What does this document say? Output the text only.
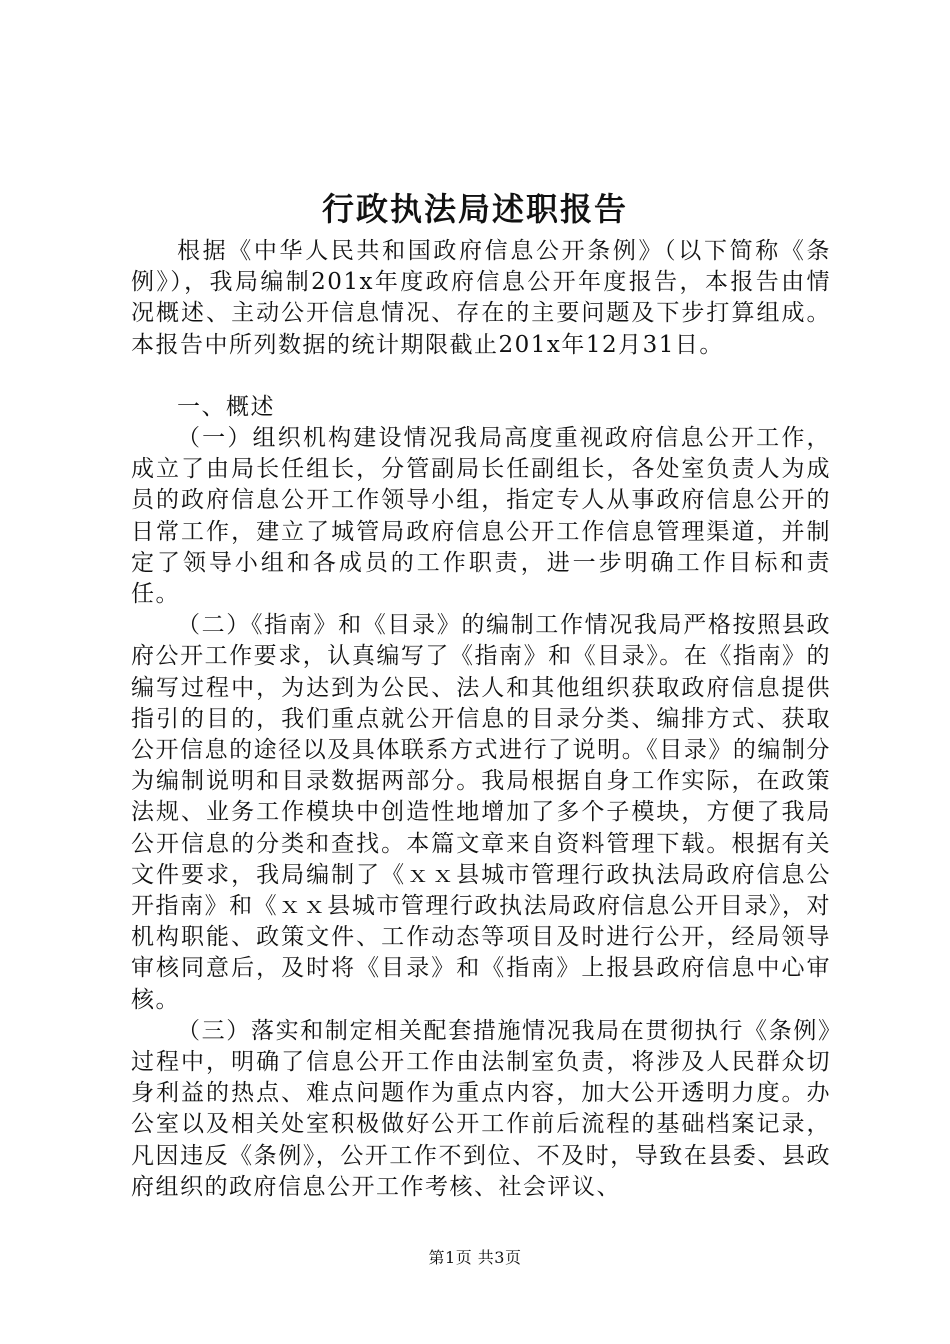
行政执法局述职报告

根据《中华人民共和国政府信息公开条例》（以下简称《条例》），我局编制201x年度政府信息公开年度报告，本报告由情况概述、主动公开信息情况、存在的主要问题及下步打算组成。本报告中所列数据的统计期限截止201x年12月31日。

一、概述

（一）组织机构建设情况我局高度重视政府信息公开工作，成立了由局长任组长，分管副局长任副组长，各处室负责人为成员的政府信息公开工作领导小组，指定专人从事政府信息公开的日常工作，建立了城管局政府信息公开工作信息管理渠道，并制定了领导小组和各成员的工作职责，进一步明确工作目标和责任。

（二）《指南》和《目录》的编制工作情况我局严格按照县政府公开工作要求，认真编写了《指南》和《目录》。在《指南》的编写过程中，为达到为公民、法人和其他组织获取政府信息提供指引的目的，我们重点就公开信息的目录分类、编排方式、获取公开信息的途径以及具体联系方式进行了说明。《目录》的编制分为编制说明和目录数据两部分。我局根据自身工作实际，在政策法规、业务工作模块中创造性地增加了多个子模块，方便了我局公开信息的分类和查找。本篇文章来自资料管理下载。根据有关文件要求，我局编制了《ｘｘ县城市管理行政执法局政府信息公开指南》和《ｘｘ县城市管理行政执法局政府信息公开目录》，对机构职能、政策文件、工作动态等项目及时进行公开，经局领导审核同意后，及时将《目录》和《指南》上报县政府信息中心审核。

（三）落实和制定相关配套措施情况我局在贯彻执行《条例》过程中，明确了信息公开工作由法制室负责，将涉及人民群众切身利益的热点、难点问题作为重点内容，加大公开透明力度。办公室以及相关处室积极做好公开工作前后流程的基础档案记录，凡因违反《条例》，公开工作不到位、不及时，导致在县委、县政府组织的政府信息公开工作考核、社会评议、

第1页 共3页
